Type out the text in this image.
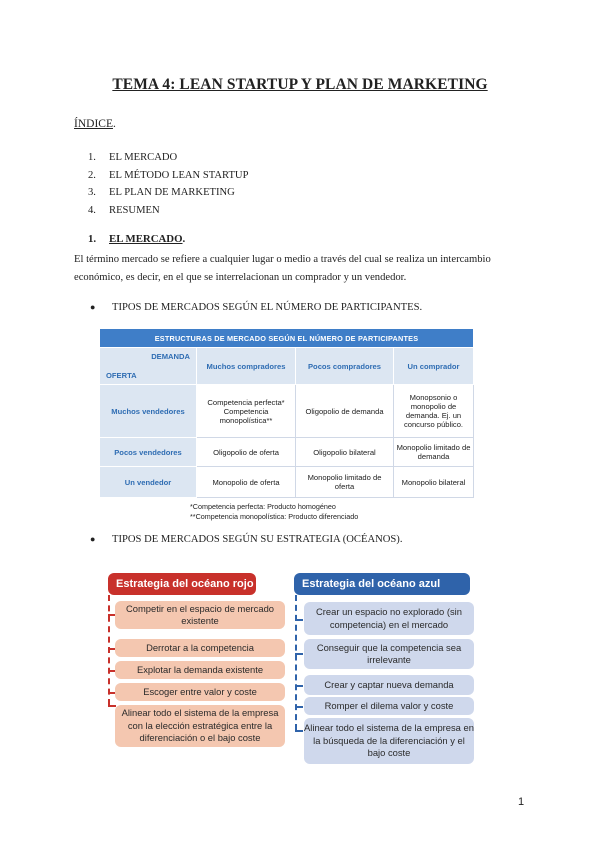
TEMA 4: LEAN STARTUP Y PLAN DE MARKETING
ÍNDICE.
1. EL MERCADO
2. EL MÉTODO LEAN STARTUP
3. EL PLAN DE MARKETING
4. RESUMEN
1. EL MERCADO.
El término mercado se refiere a cualquier lugar o medio a través del cual se realiza un intercambio económico, es decir, en el que se interrelacionan un comprador y un vendedor.
● TIPOS DE MERCADOS SEGÚN EL NÚMERO DE PARTICIPANTES.
ESTRUCTURAS DE MERCADO SEGÚN EL NÚMERO DE PARTICIPANTES			

DEMANDA
OFERTA	Muchos compradores	Pocos compradores	Un comprador
Muchos vendedores	Competencia perfecta* Competencia monopolística**	Oligopolio de demanda	Monopsonio o monopolio de demanda. Ej. un concurso público.
Pocos vendedores	Oligopolio de oferta	Oligopolio bilateral	Monopolio limitado de demanda
Un vendedor	Monopolio de oferta	Monopolio limitado de oferta	Monopolio bilateral
*Competencia perfecta: Producto homogéneo
**Competencia monopolística: Producto diferenciado
● TIPOS DE MERCADOS SEGÚN SU ESTRATEGIA (OCÉANOS).
Estrategia del océano rojo
Competir en el espacio de mercado existente
Derrotar a la competencia
Explotar la demanda existente
Escoger entre valor y coste
Alinear todo el sistema de la empresa con la elección estratégica entre la diferenciación o el bajo coste
Estrategia del océano azul
Crear un espacio no explorado (sin competencia) en el mercado
Conseguir que la competencia sea irrelevante
Crear y captar nueva demanda
Romper el dilema valor y coste
Alinear todo el sistema de la empresa en la búsqueda de la diferenciación y el bajo coste
1
